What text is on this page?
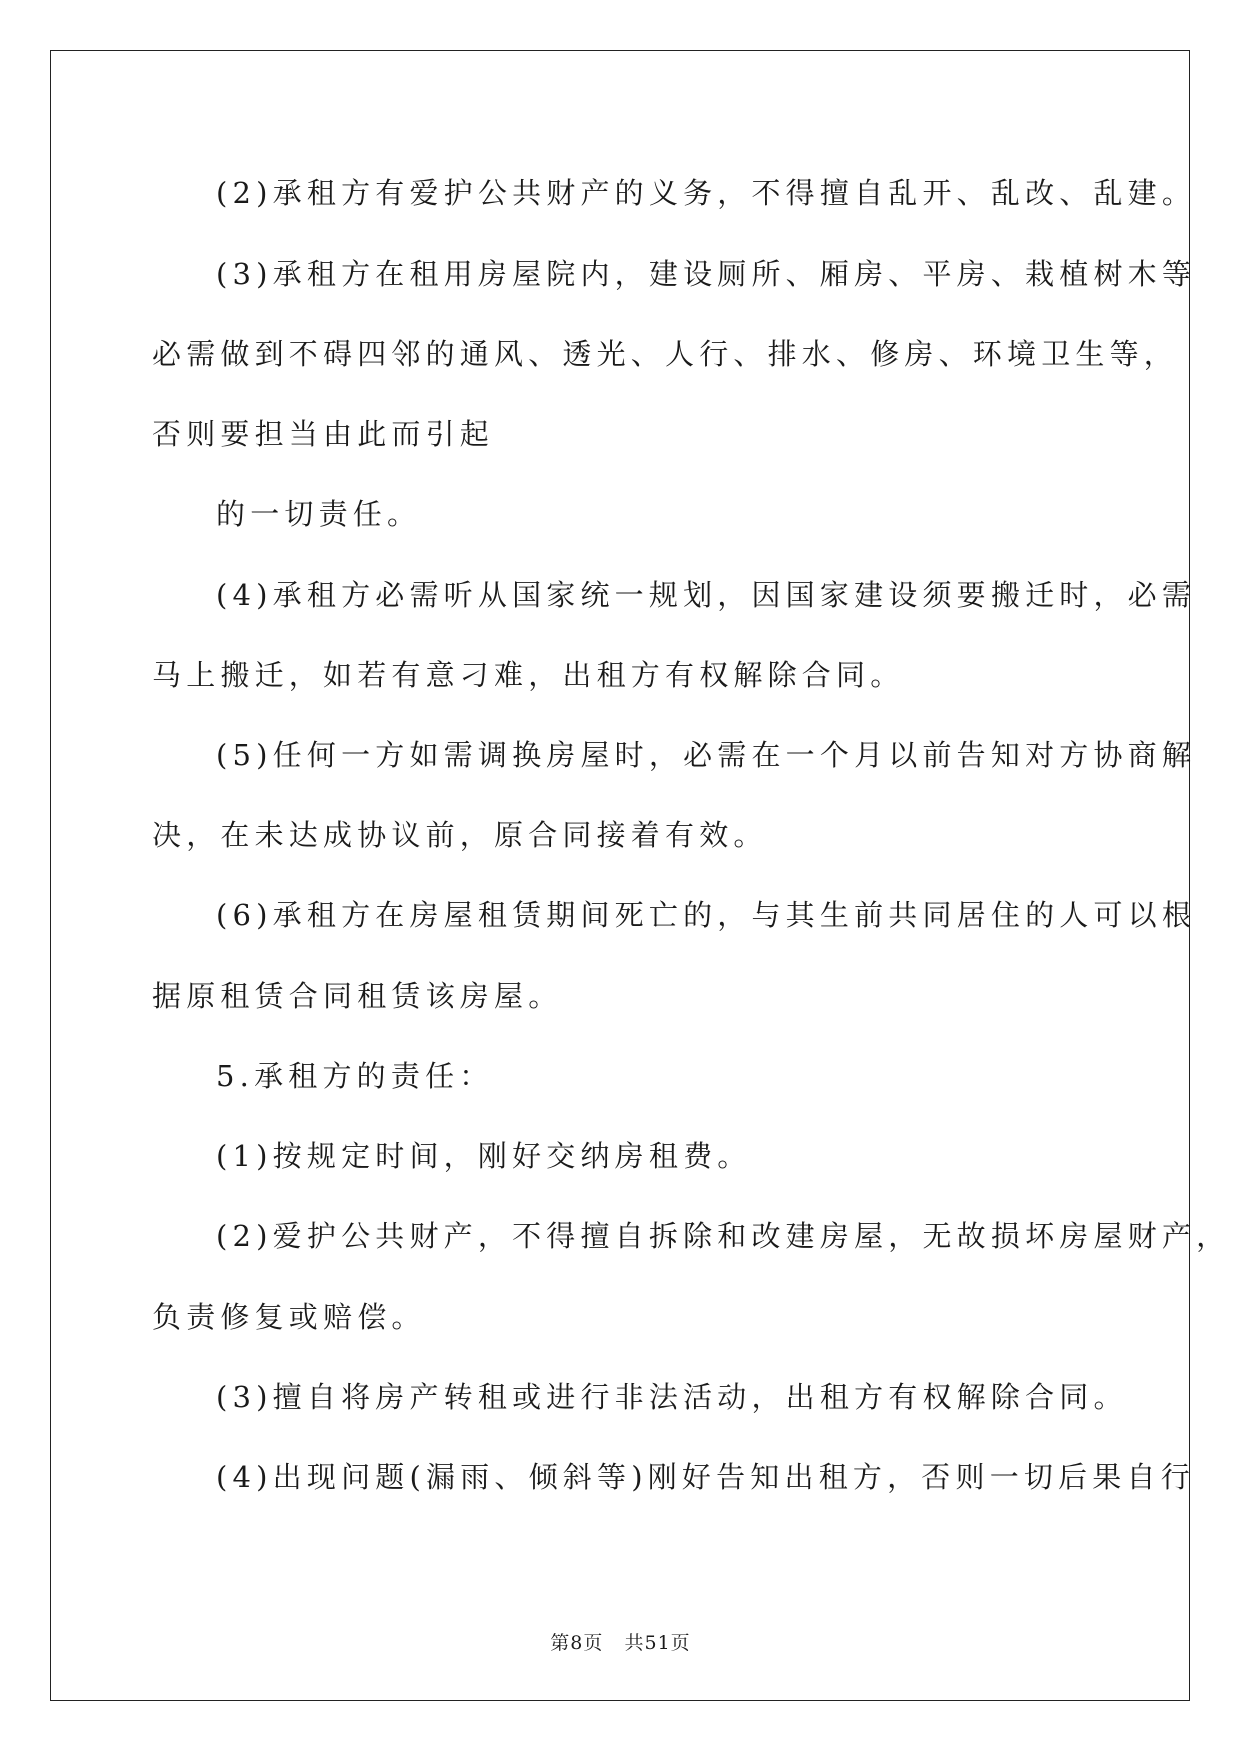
(2)承租方有爱护公共财产的义务，不得擅自乱开、乱改、乱建。
(3)承租方在租用房屋院内，建设厕所、厢房、平房、栽植树木等
必需做到不碍四邻的通风、透光、人行、排水、修房、环境卫生等，
否则要担当由此而引起
的一切责任。
(4)承租方必需听从国家统一规划，因国家建设须要搬迁时，必需
马上搬迁，如若有意刁难，出租方有权解除合同。
(5)任何一方如需调换房屋时，必需在一个月以前告知对方协商解
决，在未达成协议前，原合同接着有效。
(6)承租方在房屋租赁期间死亡的，与其生前共同居住的人可以根
据原租赁合同租赁该房屋。
5.承租方的责任：
(1)按规定时间，刚好交纳房租费。
(2)爱护公共财产，不得擅自拆除和改建房屋，无故损坏房屋财产，
负责修复或赔偿。
(3)擅自将房产转租或进行非法活动，出租方有权解除合同。
(4)出现问题(漏雨、倾斜等)刚好告知出租方，否则一切后果自行
第8页   共51页
